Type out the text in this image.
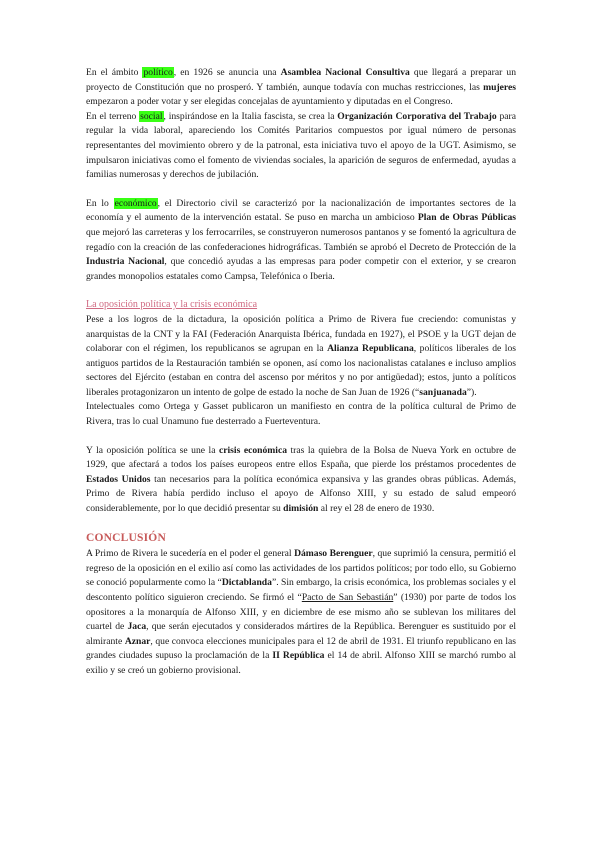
En el ámbito político, en 1926 se anuncia una Asamblea Nacional Consultiva que llegará a preparar un proyecto de Constitución que no prosperó. Y también, aunque todavía con muchas restricciones, las mujeres empezaron a poder votar y ser elegidas concejalas de ayuntamiento y diputadas en el Congreso.

En el terreno social, inspirándose en la Italia fascista, se crea la Organización Corporativa del Trabajo para regular la vida laboral, apareciendo los Comités Paritarios compuestos por igual número de personas representantes del movimiento obrero y de la patronal, esta iniciativa tuvo el apoyo de la UGT. Asimismo, se impulsaron iniciativas como el fomento de viviendas sociales, la aparición de seguros de enfermedad, ayudas a familias numerosas y derechos de jubilación.

En lo económico, el Directorio civil se caracterizó por la nacionalización de importantes sectores de la economía y el aumento de la intervención estatal. Se puso en marcha un ambicioso Plan de Obras Públicas que mejoró las carreteras y los ferrocarriles, se construyeron numerosos pantanos y se fomentó la agricultura de regadío con la creación de las confederaciones hidrográficas. También se aprobó el Decreto de Protección de la Industria Nacional, que concedió ayudas a las empresas para poder competir con el exterior, y se crearon grandes monopolios estatales como Campsa, Telefónica o Iberia.

La oposición política y la crisis económica

Pese a los logros de la dictadura, la oposición política a Primo de Rivera fue creciendo: comunistas y anarquistas de la CNT y la FAI (Federación Anarquista Ibérica, fundada en 1927), el PSOE y la UGT dejan de colaborar con el régimen, los republicanos se agrupan en la Alianza Republicana, políticos liberales de los antiguos partidos de la Restauración también se oponen, así como los nacionalistas catalanes e incluso amplios sectores del Ejército (estaban en contra del ascenso por méritos y no por antigüedad); estos, junto a políticos liberales protagonizaron un intento de golpe de estado la noche de San Juan de 1926 (“sanjuanada”).

Intelectuales como Ortega y Gasset publicaron un manifiesto en contra de la política cultural de Primo de Rivera, tras lo cual Unamuno fue desterrado a Fuerteventura.

Y la oposición política se une la crisis económica tras la quiebra de la Bolsa de Nueva York en octubre de 1929, que afectará a todos los países europeos entre ellos España, que pierde los préstamos procedentes de Estados Unidos tan necesarios para la política económica expansiva y las grandes obras públicas. Además, Primo de Rivera había perdido incluso el apoyo de Alfonso XIII, y su estado de salud empeoró considerablemente, por lo que decidió presentar su dimisión al rey el 28 de enero de 1930.

CONCLUSIÓN

A Primo de Rivera le sucedería en el poder el general Dámaso Berenguer, que suprimió la censura, permitió el regreso de la oposición en el exilio así como las actividades de los partidos políticos; por todo ello, su Gobierno se conoció popularmente como la “Dictablanda”. Sin embargo, la crisis económica, los problemas sociales y el descontento político siguieron creciendo. Se firmó el “Pacto de San Sebastián” (1930) por parte de todos los opositores a la monarquía de Alfonso XIII, y en diciembre de ese mismo año se sublevan los militares del cuartel de Jaca, que serán ejecutados y considerados mártires de la República. Berenguer es sustituido por el almirante Aznar, que convoca elecciones municipales para el 12 de abril de 1931. El triunfo republicano en las grandes ciudades supuso la proclamación de la II República el 14 de abril. Alfonso XIII se marchó rumbo al exilio y se creó un gobierno provisional.
